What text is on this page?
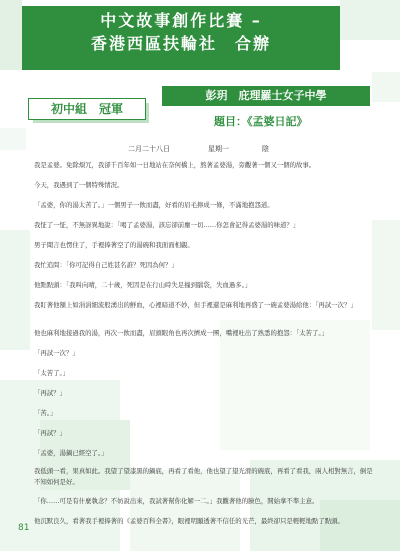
中文故事創作比賽 –
香港西區扶輪社　合辦
初中組　冠軍
彭玥　庇理羅士女子中學
題目：《孟婆日記》
二月二十八日	星期一	陰
我是孟婆。免除煩冗，我卻千百年如一日地站在奈何橋上，熬著孟婆湯，旁觀著一個又一個的故事。
今天，我遇到了一個特殊情況。
「孟婆，你的湯太苦了。」一個男子一飲而盡，好看的眉毛擰成一條，不滿地抱怨道。
我怔了一怔，不無訝異地說：「喝了孟婆湯，該忘卻前塵一切……你怎會記得孟婆湯的味道？」
男子聞言也愣住了，手裡捧著空了的湯碗和我面面相覷。
我忙追問：「你可記得自己姓甚名誰？死因為何？」
他點點頭：「我叫向晴，二十歲，死因是在行山時失足撞到腦袋，失血過多。」
我盯著他額上如涓涓細流般湧出的鮮血，心裡暗道不妙，但手裡還是麻利地再盛了一碗孟婆湯給他：「再試一次？」
他也麻利地接過我的湯，再次一飲而盡，眉頭眼角也再次擠成一團，嘴裡吐出了熟悉的抱怨：「太苦了。」
「再試一次？」
「太苦了。」
「再試？」
「苦。」
「再試？」
「孟婆，湯鍋已經空了。」
我低頭一看，果真如此。我望了望漆黑的鍋底，再看了看他，他也望了望光滑的碗底，再看了看我，兩人相對無言，倒是不知如何是好。
「你……可是有什麼執念？不妨說出來，我試著幫你化解一二。」我觀著他的臉色，開始拿不準主意。
他沉默良久，看著我手裡捧著的《孟婆百科全書》，眼裡明顯透著不信任的光芒，最終卻只是輕輕地點了點頭。
81
